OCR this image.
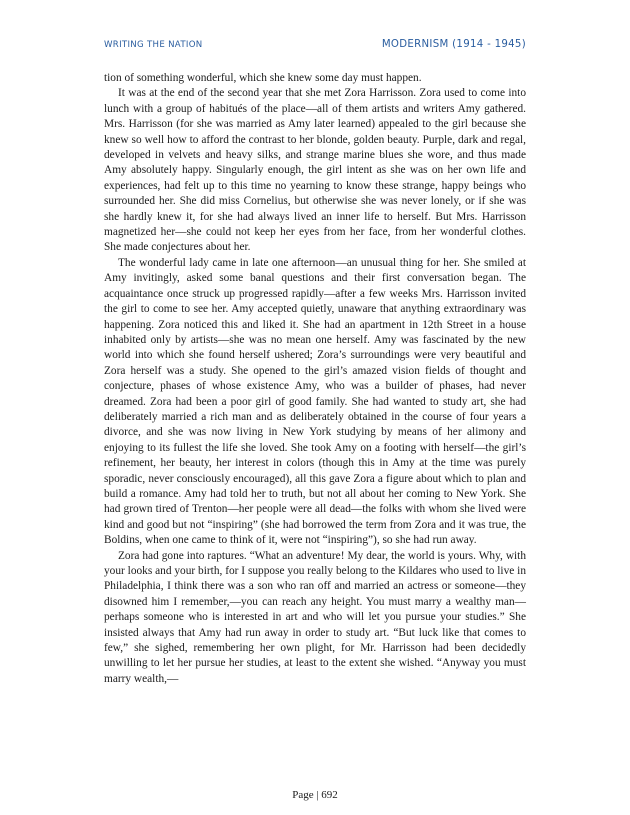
WRITING THE NATION	MODERNISM (1914 - 1945)

tion of something wonderful, which she knew some day must happen.

It was at the end of the second year that she met Zora Harrisson. Zora used to come into lunch with a group of habitués of the place—all of them artists and writers Amy gathered. Mrs. Harrisson (for she was married as Amy later learned) appealed to the girl because she knew so well how to afford the contrast to her blonde, golden beauty. Purple, dark and regal, developed in velvets and heavy silks, and strange marine blues she wore, and thus made Amy absolutely happy. Singularly enough, the girl intent as she was on her own life and experiences, had felt up to this time no yearning to know these strange, happy beings who surrounded her. She did miss Cornelius, but otherwise she was never lonely, or if she was she hardly knew it, for she had always lived an inner life to herself. But Mrs. Harrisson magnetized her—she could not keep her eyes from her face, from her wonderful clothes. She made conjectures about her.

The wonderful lady came in late one afternoon—an unusual thing for her. She smiled at Amy invitingly, asked some banal questions and their first conversation began. The acquaintance once struck up progressed rapidly—after a few weeks Mrs. Harrisson invited the girl to come to see her. Amy accepted quietly, unaware that anything extraordinary was happening. Zora noticed this and liked it. She had an apartment in 12th Street in a house inhabited only by artists—she was no mean one herself. Amy was fascinated by the new world into which she found herself ushered; Zora’s surroundings were very beautiful and Zora herself was a study. She opened to the girl’s amazed vision fields of thought and conjecture, phases of whose existence Amy, who was a builder of phases, had never dreamed. Zora had been a poor girl of good family. She had wanted to study art, she had deliberately married a rich man and as deliberately obtained in the course of four years a divorce, and she was now living in New York studying by means of her alimony and enjoying to its fullest the life she loved. She took Amy on a footing with herself—the girl’s refinement, her beauty, her interest in colors (though this in Amy at the time was purely sporadic, never consciously encouraged), all this gave Zora a figure about which to plan and build a romance. Amy had told her to truth, but not all about her coming to New York. She had grown tired of Trenton—her people were all dead—the folks with whom she lived were kind and good but not “inspiring” (she had borrowed the term from Zora and it was true, the Boldins, when one came to think of it, were not “inspiring”), so she had run away.

Zora had gone into raptures. “What an adventure! My dear, the world is yours. Why, with your looks and your birth, for I suppose you really belong to the Kildares who used to live in Philadelphia, I think there was a son who ran off and married an actress or someone—they disowned him I remember,—you can reach any height. You must marry a wealthy man—perhaps someone who is interested in art and who will let you pursue your studies.” She insisted always that Amy had run away in order to study art. “But luck like that comes to few,” she sighed, remembering her own plight, for Mr. Harrisson had been decidedly unwilling to let her pursue her studies, at least to the extent she wished. “Anyway you must marry wealth,—

Page | 692
